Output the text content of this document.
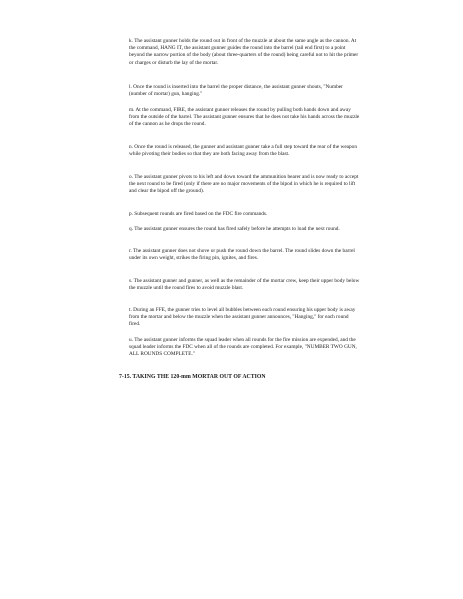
k. The assistant gunner holds the round out in front of the muzzle at about the same angle as the cannon. At the command, HANG IT, the assistant gunner guides the round into the barrel (tail end first) to a point beyond the narrow portion of the body (about three-quarters of the round) being careful not to hit the primer or charges or disturb the lay of the mortar.

l. Once the round is inserted into the barrel the proper distance, the assistant gunner shouts, "Number (number of mortar) gun, hanging."

m. At the command, FIRE, the assistant gunner releases the round by pulling both hands down and away from the outside of the barrel. The assistant gunner ensures that he does not take his hands across the muzzle of the cannon as he drops the round.

n. Once the round is released, the gunner and assistant gunner take a full step toward the rear of the weapon while pivoting their bodies so that they are both facing away from the blast.

o. The assistant gunner pivots to his left and down toward the ammunition bearer and is now ready to accept the next round to be fired (only if there are no major movements of the bipod in which he is required to lift and clear the bipod off the ground).

p. Subsequent rounds are fired based on the FDC fire commands.

q. The assistant gunner ensures the round has fired safely before he attempts to load the next round.

r. The assistant gunner does not shove or push the round down the barrel. The round slides down the barrel under its own weight, strikes the firing pin, ignites, and fires.

s. The assistant gunner and gunner, as well as the remainder of the mortar crew, keep their upper body below the muzzle until the round fires to avoid muzzle blast.

t. During an FFE, the gunner tries to level all bubbles between each round ensuring his upper body is away from the mortar and below the muzzle when the assistant gunner announces, "Hanging," for each round fired.

u. The assistant gunner informs the squad leader when all rounds for the fire mission are expended, and the squad leader informs the FDC when all of the rounds are completed. For example, "NUMBER TWO GUN, ALL ROUNDS COMPLETE."

7-15. TAKING THE 120-mm MORTAR OUT OF ACTION
